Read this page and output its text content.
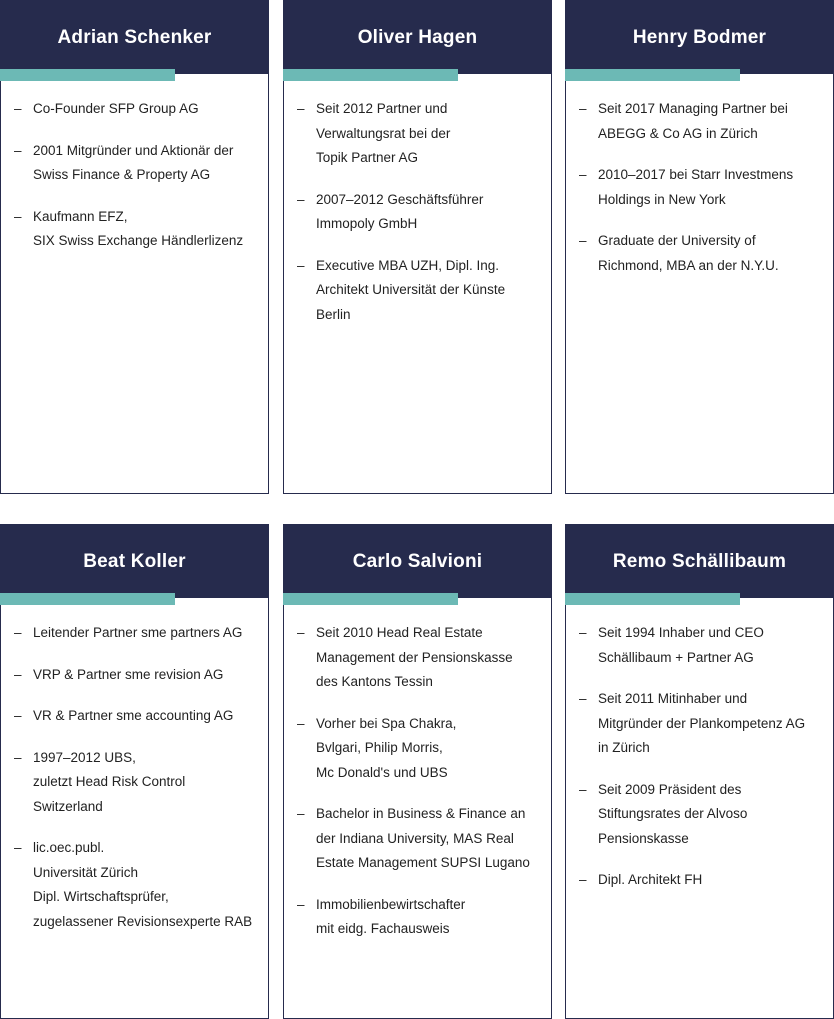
Adrian Schenker
– Co-Founder SFP Group AG
– 2001 Mitgründer und Aktionär der
Swiss Finance & Property AG
– Kaufmann EFZ,
SIX Swiss Exchange Händlerlizenz
Oliver Hagen
– Seit 2012 Partner und
Verwaltungsrat bei der
Topik Partner AG
– 2007–2012 Geschäftsführer
Immopoly GmbH
– Executive MBA UZH, Dipl. Ing.
Architekt Universität der Künste
Berlin
Henry Bodmer
– Seit 2017 Managing Partner bei
ABEGG & Co AG in Zürich
– 2010–2017 bei Starr Investmens
Holdings in New York
– Graduate der University of
Richmond, MBA an der N.Y.U.
Beat Koller
– Leitender Partner sme partners AG
– VRP & Partner sme revision AG
– VR & Partner sme accounting AG
– 1997–2012 UBS,
zuletzt Head Risk Control
Switzerland
– lic.oec.publ.
Universität Zürich
Dipl. Wirtschaftsprüfer,
zugelassener Revisionsexperte RAB
Carlo Salvioni
– Seit 2010 Head Real Estate
Management der Pensionskasse
des Kantons Tessin
– Vorher bei Spa Chakra,
Bvlgari, Philip Morris,
Mc Donald's und UBS
– Bachelor in Business & Finance an
der Indiana University, MAS Real
Estate Management SUPSI Lugano
– Immobilienbewirtschafter
mit eidg. Fachausweis
Remo Schällibaum
– Seit 1994 Inhaber und CEO
Schällibaum + Partner AG
– Seit 2011 Mitinhaber und
Mitgründer der Plankompetenz AG
in Zürich
– Seit 2009 Präsident des
Stiftungsrates der Alvoso
Pensionskasse
– Dipl. Architekt FH
